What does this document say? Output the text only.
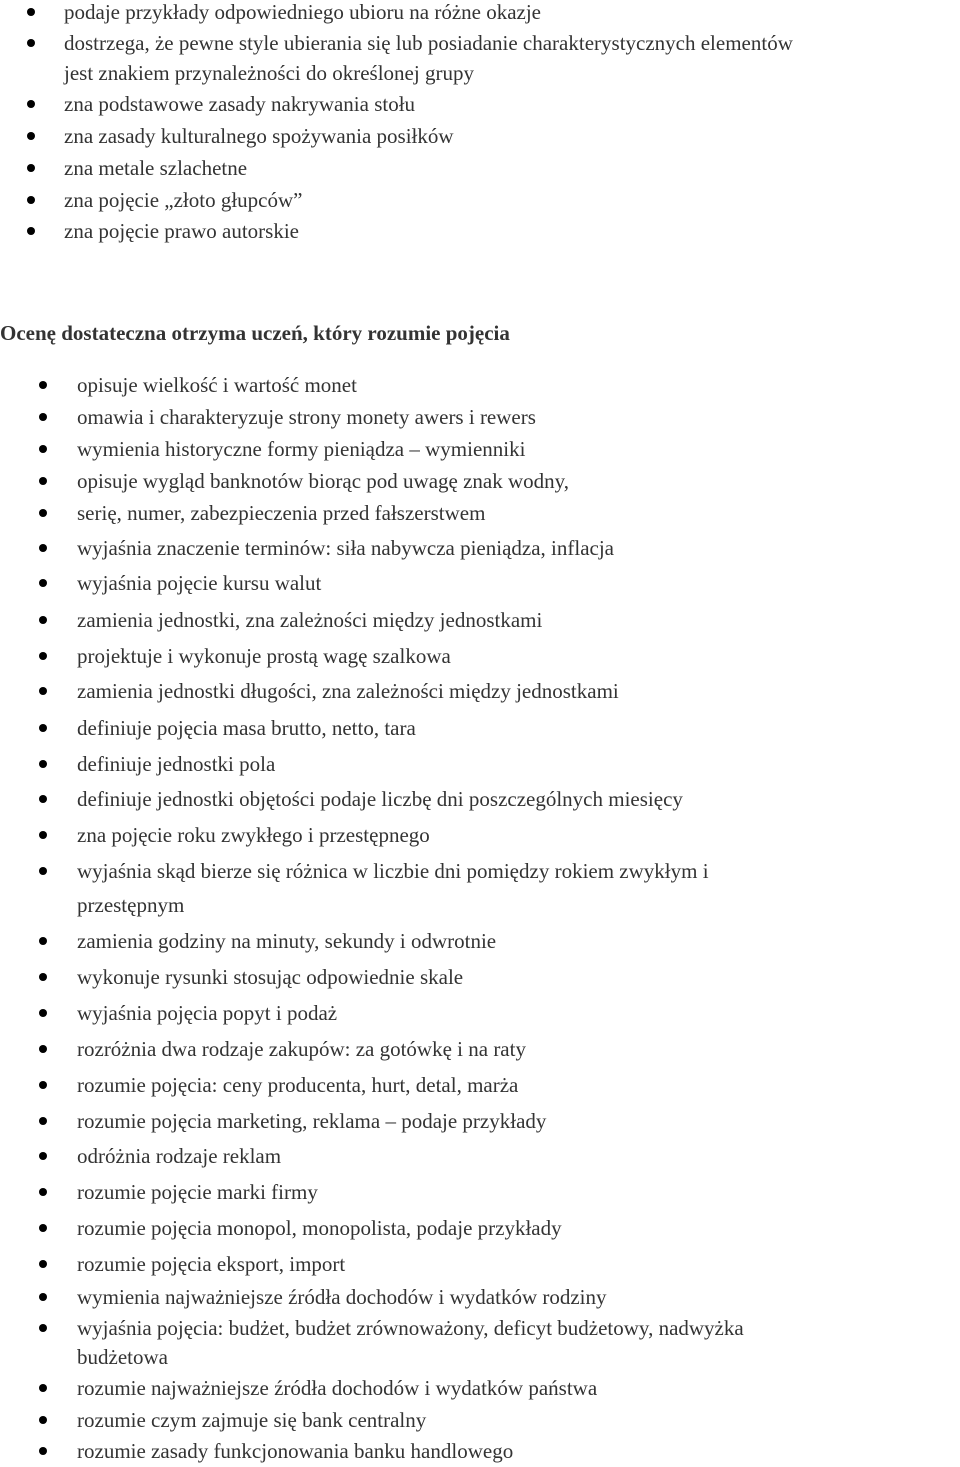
podaje przykłady odpowiedniego ubioru na różne okazje
dostrzega, że pewne style ubierania się lub posiadanie charakterystycznych elementów
jest znakiem przynależności do określonej grupy
zna podstawowe zasady nakrywania stołu
zna zasady kulturalnego spożywania posiłków
zna metale szlachetne
zna pojęcie „złoto głupców”
zna pojęcie prawo autorskie
Ocenę dostateczna otrzyma uczeń, który rozumie pojęcia
opisuje wielkość i wartość monet
omawia i charakteryzuje strony monety awers i rewers
wymienia historyczne formy pieniądza – wymienniki
opisuje wygląd banknotów biorąc pod uwagę znak wodny,
serię, numer, zabezpieczenia przed fałszerstwem
wyjaśnia znaczenie terminów: siła nabywcza pieniądza, inflacja
wyjaśnia pojęcie kursu walut
zamienia jednostki, zna zależności między jednostkami
projektuje i wykonuje prostą wagę szalkowa
zamienia jednostki długości, zna zależności między jednostkami
definiuje pojęcia masa brutto, netto, tara
definiuje jednostki pola
definiuje jednostki objętości podaje liczbę dni poszczególnych miesięcy
zna pojęcie roku zwykłego i przestępnego
wyjaśnia skąd bierze się różnica w liczbie dni pomiędzy rokiem zwykłym i
przestępnym
zamienia godziny na minuty, sekundy i odwrotnie
wykonuje rysunki stosując odpowiednie skale
wyjaśnia pojęcia popyt i podaż
rozróżnia dwa rodzaje zakupów: za gotówkę i na raty
rozumie pojęcia: ceny producenta, hurt, detal, marża
rozumie pojęcia marketing, reklama – podaje przykłady
odróżnia rodzaje reklam
rozumie pojęcie marki firmy
rozumie pojęcia monopol, monopolista, podaje przykłady
rozumie pojęcia eksport, import
wymienia najważniejsze źródła dochodów i wydatków rodziny
wyjaśnia pojęcia: budżet, budżet zrównoważony, deficyt budżetowy, nadwyżka
budżetowa
rozumie najważniejsze źródła dochodów i wydatków państwa
rozumie czym zajmuje się bank centralny
rozumie zasady funkcjonowania banku handlowego
